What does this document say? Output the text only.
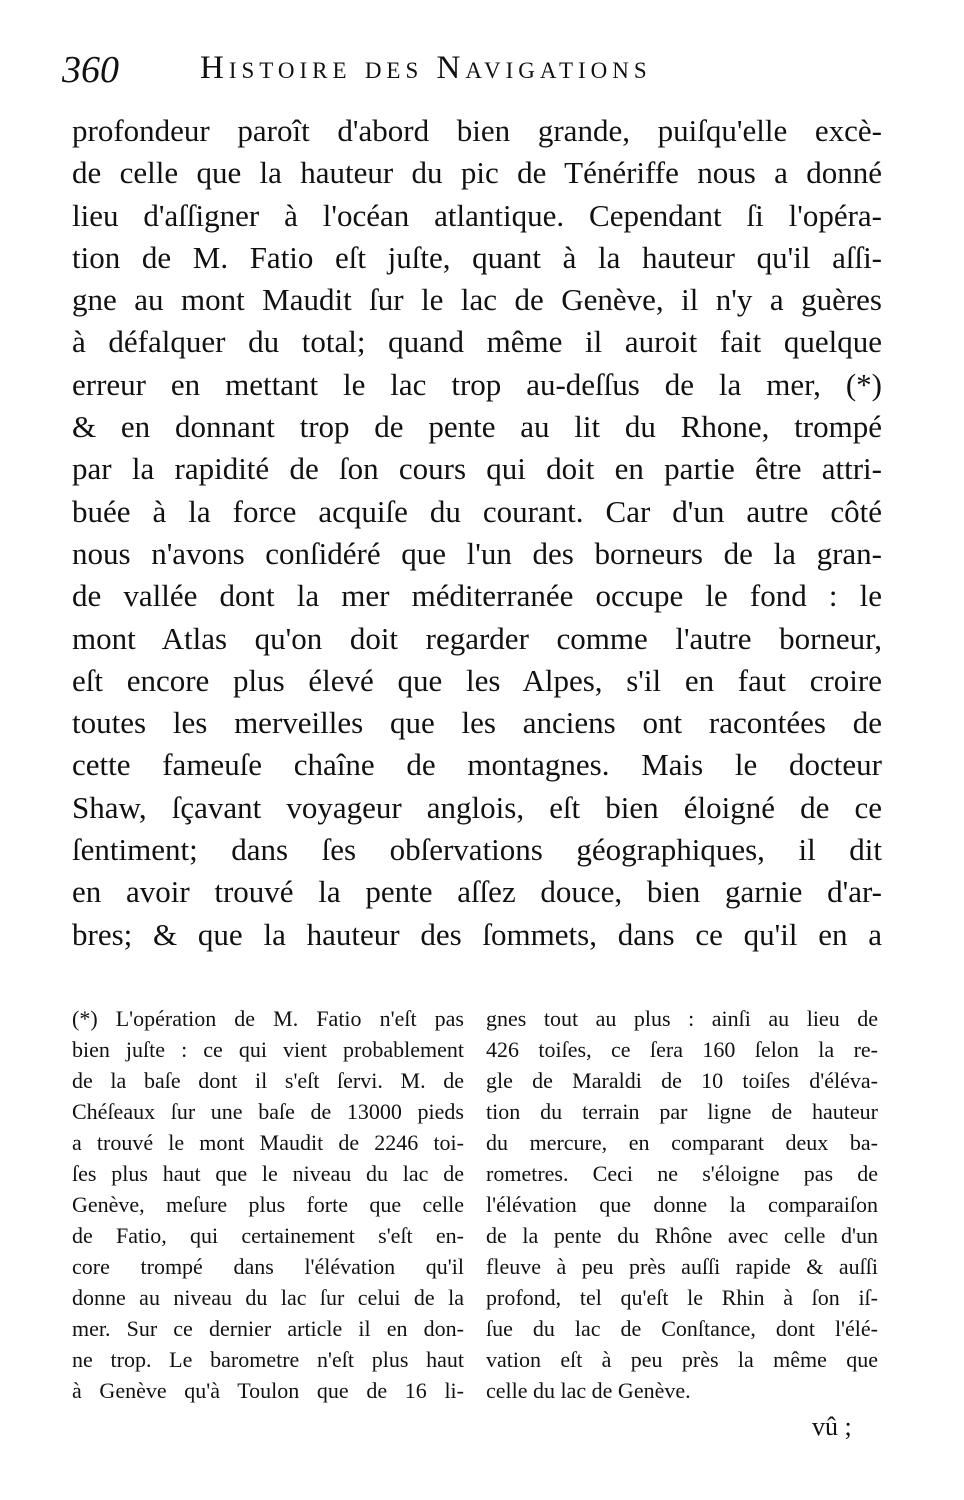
360 Histoire des Navigations
profondeur paroît d'abord bien grande, puiſqu'elle excè-
de celle que la hauteur du pic de Ténériffe nous a donné
lieu d'aſſigner à l'océan atlantique. Cependant ſi l'opéra-
tion de M. Fatio eſt juſte, quant à la hauteur qu'il aſſi-
gne au mont Maudit ſur le lac de Genève, il n'y a guères
à défalquer du total; quand même il auroit fait quelque
erreur en mettant le lac trop au-deſſus de la mer, (*)
& en donnant trop de pente au lit du Rhone, trompé
par la rapidité de ſon cours qui doit en partie être attri-
buée à la force acquiſe du courant. Car d'un autre côté
nous n'avons conſidéré que l'un des borneurs de la gran-
de vallée dont la mer méditerranée occupe le fond : le
mont Atlas qu'on doit regarder comme l'autre borneur,
eſt encore plus élevé que les Alpes, s'il en faut croire
toutes les merveilles que les anciens ont racontées de
cette fameuſe chaîne de montagnes. Mais le docteur
Shaw, ſçavant voyageur anglois, eſt bien éloigné de ce
ſentiment; dans ſes obſervations géographiques, il dit
en avoir trouvé la pente aſſez douce, bien garnie d'ar-
bres; & que la hauteur des ſommets, dans ce qu'il en a
(*) L'opération de M. Fatio n'eſt pas
bien juſte : ce qui vient probablement
de la baſe dont il s'eſt ſervi. M. de
Chéſeaux ſur une baſe de 13000 pieds
a trouvé le mont Maudit de 2246 toi-
ſes plus haut que le niveau du lac de
Genève, meſure plus forte que celle
de Fatio, qui certainement s'eſt en-
core trompé dans l'élévation qu'il
donne au niveau du lac ſur celui de la
mer. Sur ce dernier article il en don-
ne trop. Le barometre n'eſt plus haut
à Genève qu'à Toulon que de 16 li-
gnes tout au plus : ainſi au lieu de
426 toiſes, ce ſera 160 ſelon la re-
gle de Maraldi de 10 toiſes d'éléva-
tion du terrain par ligne de hauteur
du mercure, en comparant deux ba-
rometres. Ceci ne s'éloigne pas de
l'élévation que donne la comparaiſon
de la pente du Rhône avec celle d'un
fleuve à peu près auſſi rapide & auſſi
profond, tel qu'eſt le Rhin à ſon iſ-
ſue du lac de Conſtance, dont l'élé-
vation eſt à peu près la même que
celle du lac de Genève.
vû ;
